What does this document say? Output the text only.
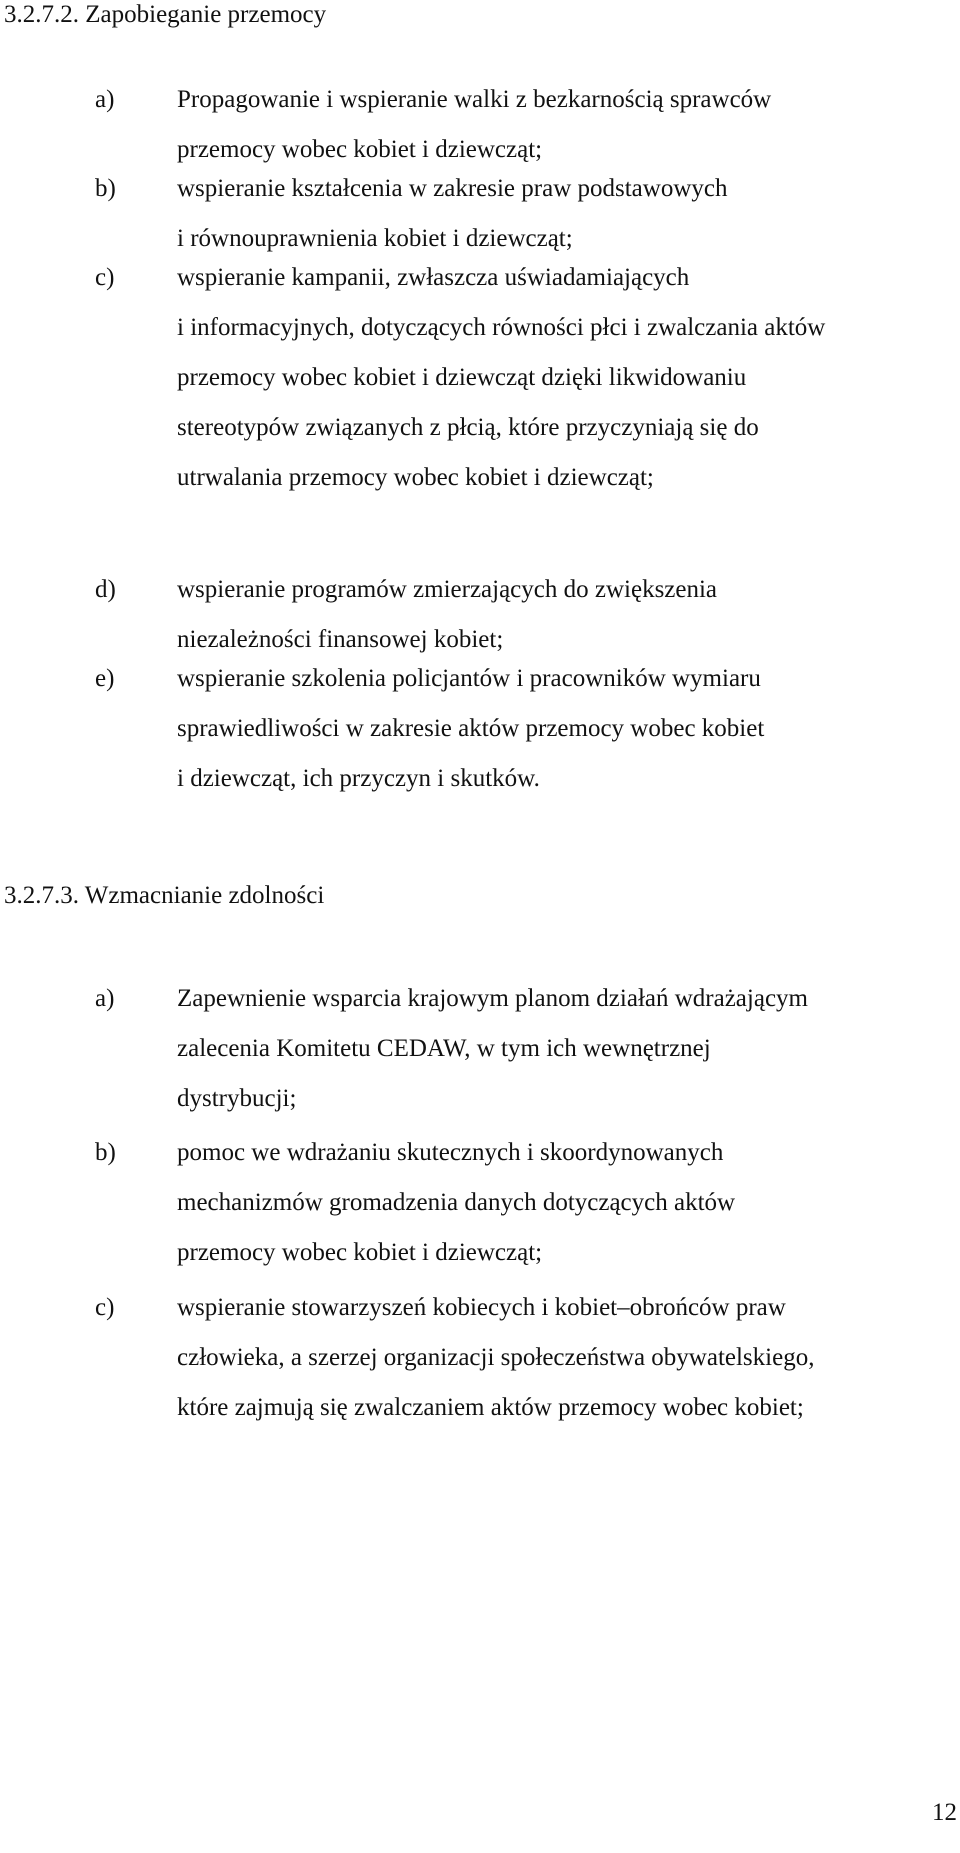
3.2.7.2. Zapobieganie przemocy
a)	Propagowanie i wspieranie walki z bezkarnością sprawców
przemocy wobec kobiet i dziewcząt;
b) wspieranie kształcenia w zakresie praw podstawowych
i równouprawnienia kobiet i dziewcząt;
c)	wspieranie kampanii, zwłaszcza uświadamiających
i informacyjnych, dotyczących równości płci i zwalczania aktów
przemocy wobec kobiet i dziewcząt dzięki likwidowaniu
stereotypów związanych z płcią, które przyczyniają się do
utrwalania przemocy wobec kobiet i dziewcząt;
d) wspieranie programów zmierzających do zwiększenia
niezależności finansowej kobiet;
e)	wspieranie szkolenia policjantów i pracowników wymiaru
sprawiedliwości w zakresie aktów przemocy wobec kobiet
i dziewcząt, ich przyczyn i skutków.
3.2.7.3. Wzmacnianie zdolności
a)	Zapewnienie wsparcia krajowym planom działań wdrażającym
zalecenia Komitetu CEDAW, w tym ich wewnętrznej
dystrybucji;
b) pomoc we wdrażaniu skutecznych i skoordynowanych
mechanizmów gromadzenia danych dotyczących aktów
przemocy wobec kobiet i dziewcząt;
c)	wspieranie stowarzyszeń kobiecych i kobiet–obrońców praw
człowieka, a szerzej organizacji społeczeństwa obywatelskiego,
które zajmują się zwalczaniem aktów przemocy wobec kobiet;
12
